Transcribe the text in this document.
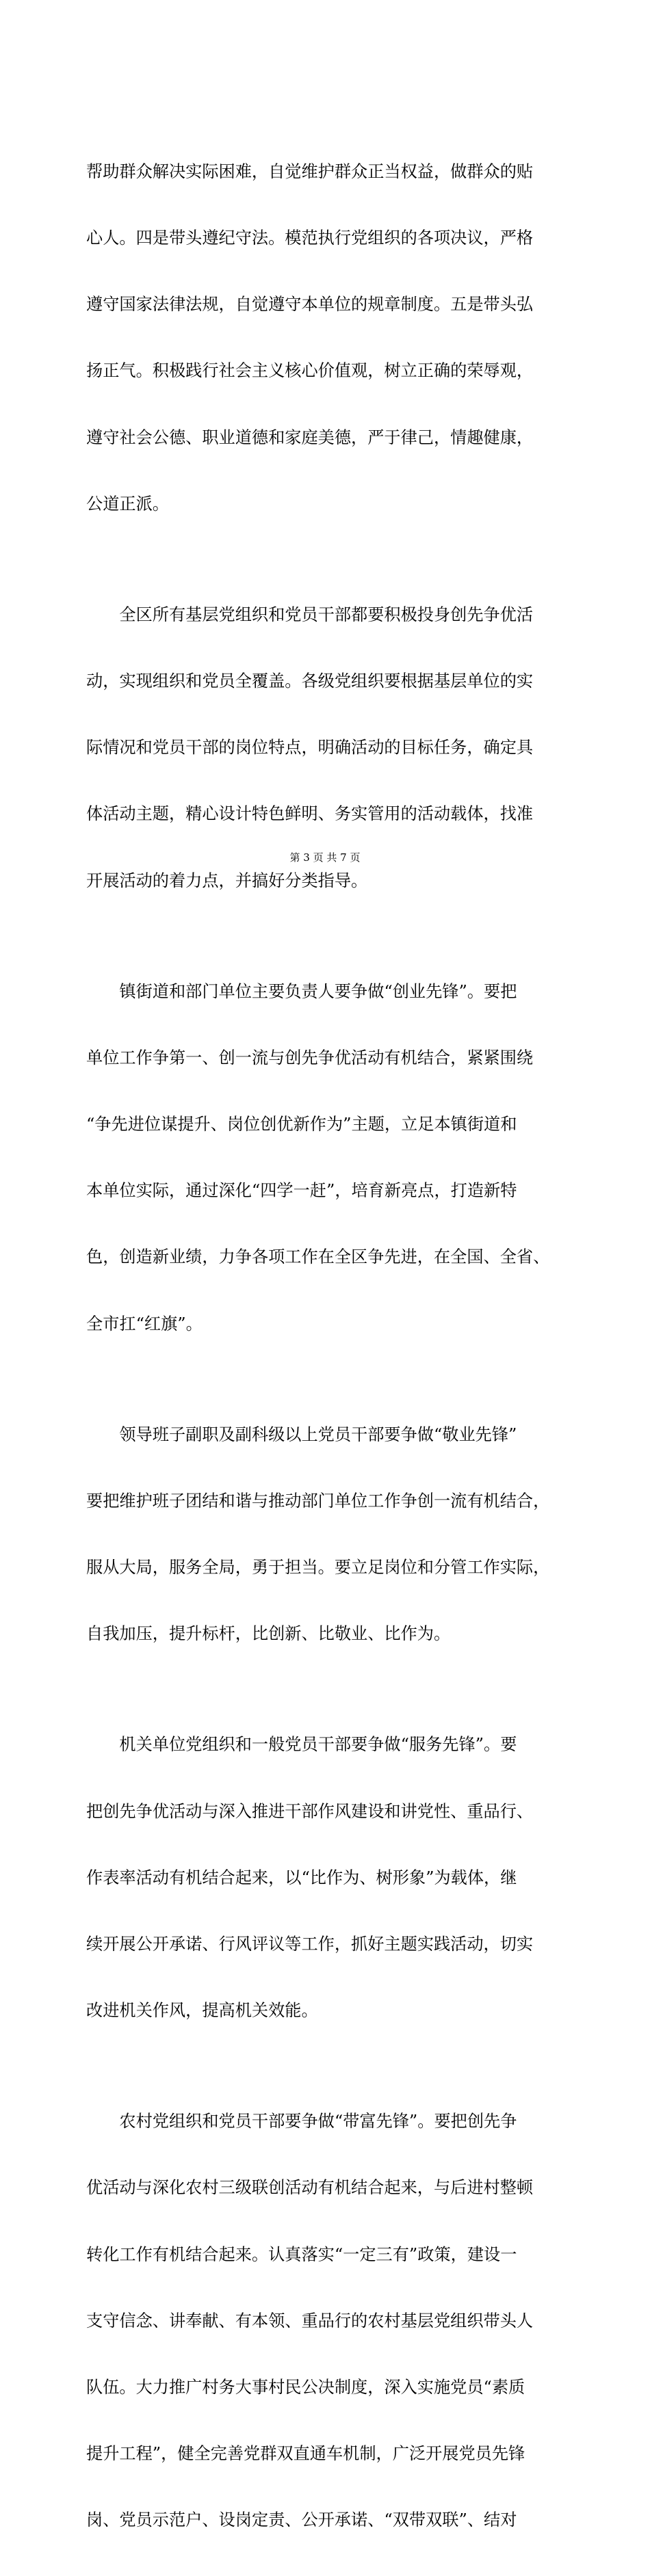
帮助群众解决实际困难，自觉维护群众正当权益，做群众的贴

心人。四是带头遵纪守法。模范执行党组织的各项决议，严格

遵守国家法律法规，自觉遵守本单位的规章制度。五是带头弘

扬正气。积极践行社会主义核心价值观，树立正确的荣辱观，

遵守社会公德、职业道德和家庭美德，严于律己，情趣健康，

公道正派。

　　全区所有基层党组织和党员干部都要积极投身创先争优活

动，实现组织和党员全覆盖。各级党组织要根据基层单位的实

际情况和党员干部的岗位特点，明确活动的目标任务，确定具

体活动主题，精心设计特色鲜明、务实管用的活动载体，找准

开展活动的着力点，并搞好分类指导。

　　镇街道和部门单位主要负责人要争做“创业先锋”。要把

单位工作争第一、创一流与创先争优活动有机结合，紧紧围绕

“争先进位谋提升、岗位创优新作为”主题，立足本镇街道和

本单位实际，通过深化“四学一赶”，培育新亮点，打造新特

色，创造新业绩，力争各项工作在全区争先进，在全国、全省、

全市扛“红旗”。

　　领导班子副职及副科级以上党员干部要争做“敬业先锋”

要把维护班子团结和谐与推动部门单位工作争创一流有机结合，

服从大局，服务全局，勇于担当。要立足岗位和分管工作实际，

自我加压，提升标杆，比创新、比敬业、比作为。

　　机关单位党组织和一般党员干部要争做“服务先锋”。要

把创先争优活动与深入推进干部作风建设和讲党性、重品行、

作表率活动有机结合起来，以“比作为、树形象”为载体，继

续开展公开承诺、行风评议等工作，抓好主题实践活动，切实

改进机关作风，提高机关效能。

　　农村党组织和党员干部要争做“带富先锋”。要把创先争

优活动与深化农村三级联创活动有机结合起来，与后进村整顿

转化工作有机结合起来。认真落实“一定三有”政策，建设一

支守信念、讲奉献、有本领、重品行的农村基层党组织带头人

队伍。大力推广村务大事村民公决制度，深入实施党员“素质

提升工程”，健全完善党群双直通车机制，广泛开展党员先锋

岗、党员示范户、设岗定责、公开承诺、“双带双联”、结对

第 3 页 共 7 页
